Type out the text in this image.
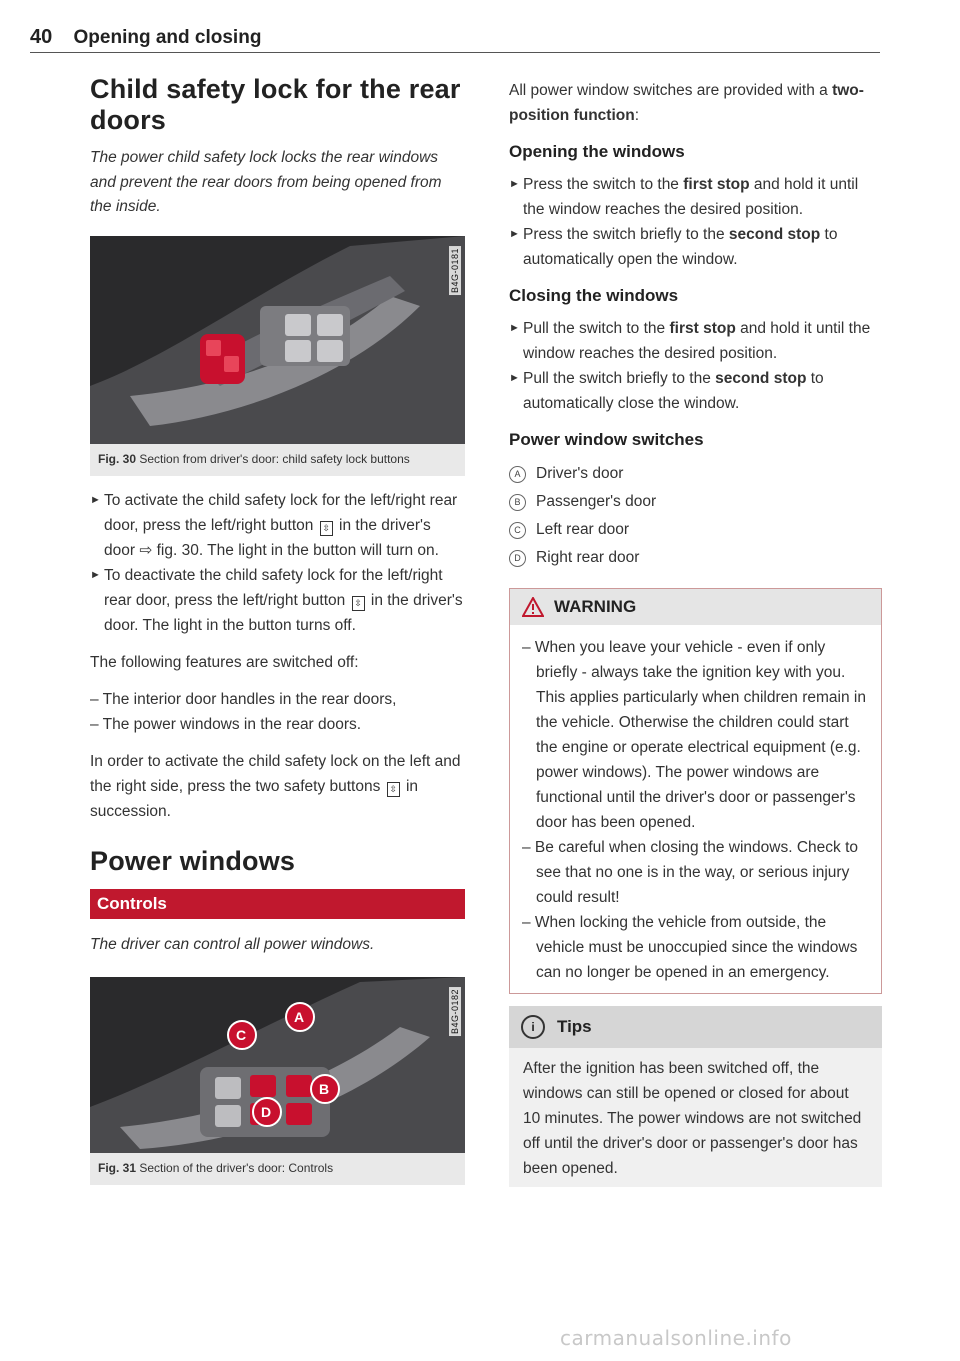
40 Opening and closing
Child safety lock for the rear doors
The power child safety lock locks the rear windows and prevent the rear doors from being opened from the inside.
B4G-0181
Fig. 30 Section from driver's door: child safety lock buttons

► To activate the child safety lock for the left/right rear door, press the left/right button ⇳ in the driver's door ⇨ fig. 30. The light in the button will turn on.

► To deactivate the child safety lock for the left/right rear door, press the left/right button ⇳ in the driver's door. The light in the button turns off.

The following features are switched off:

– The interior door handles in the rear doors,

– The power windows in the rear doors.

In order to activate the child safety lock on the left and the right side, press the two safety buttons ⇳ in succession.

Power windows
Controls
The driver can control all power windows.
B4G-0182
A
C
B
D
Fig. 31 Section of the driver's door: Controls

All power window switches are provided with a two-position function:

Opening the windows

► Press the switch to the first stop and hold it until the window reaches the desired position.

► Press the switch briefly to the second stop to automatically open the window.

Closing the windows

► Pull the switch to the first stop and hold it until the window reaches the desired position.

► Pull the switch briefly to the second stop to automatically close the window.

Power window switches
A	Driver's door
B	Passenger's door
C Left rear door
D Right rear door
WARNING

– When you leave your vehicle - even if only briefly - always take the ignition key with you. This applies particularly when children remain in the vehicle. Otherwise the children could start the engine or operate electrical equipment (e.g. power windows). The power windows are functional until the driver's door or passenger's door has been opened.

– Be careful when closing the windows. Check to see that no one is in the way, or serious injury could result!

– When locking the vehicle from outside, the vehicle must be unoccupied since the windows can no longer be opened in an emergency.

i	Tips

After the ignition has been switched off, the windows can still be opened or closed for about 10 minutes. The power windows are not switched off until the driver's door or passenger's door has been opened.

carmanualsonline.info
